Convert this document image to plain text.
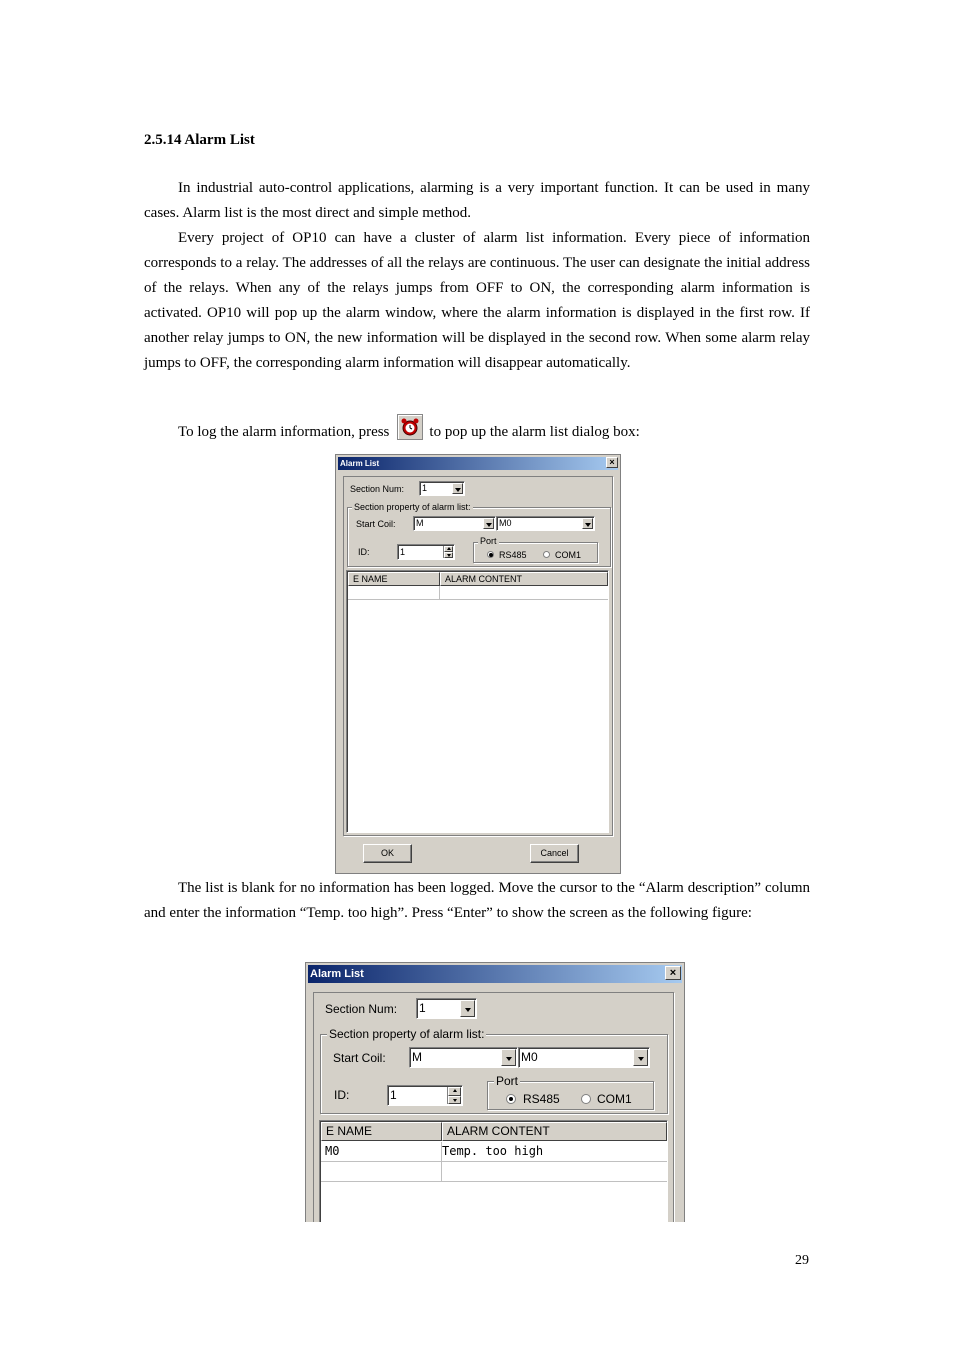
2.5.14 Alarm List
In industrial auto-control applications, alarming is a very important function. It can be used in many cases. Alarm list is the most direct and simple method.
Every project of OP10 can have a cluster of alarm list information. Every piece of information corresponds to a relay. The addresses of all the relays are continuous. The user can designate the initial address of the relays. When any of the relays jumps from OFF to ON, the corresponding alarm information is activated. OP10 will pop up the alarm window, where the alarm information is displayed in the first row. If another relay jumps to ON, the new information will be displayed in the second row. When some alarm relay jumps to OFF, the corresponding alarm information will disappear automatically.
To log the alarm information, press	to pop up the alarm list dialog box:
Alarm List	×
Section Num:	1
Section property of alarm list:
Start Coil:	M	M0
ID:	1
Port
RS485	COM1
E NAME	ALARM CONTENT
OK	Cancel
The list is blank for no information has been logged. Move the cursor to the “Alarm description” column and enter the information “Temp. too high”. Press “Enter” to show the screen as the following figure:
Alarm List	×
Section Num: 1
Section property of alarm list:
Start Coil: M	M0
ID:	1
Port
RS485	COM1
E NAME	ALARM CONTENT
M0	Temp. too high
29
